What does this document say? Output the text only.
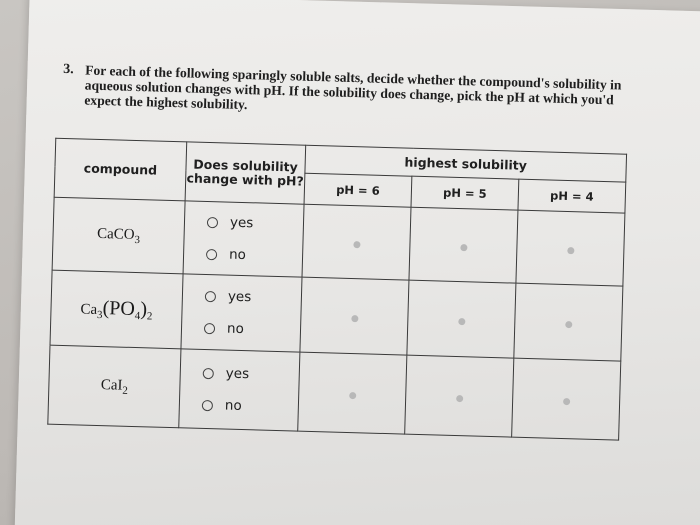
3. For each of the following sparingly soluble salts, decide whether the compound's solubility in aqueous solution changes with pH. If the solubility does change, pick the pH at which you'd expect the highest solubility.
compound	Does solubility change with pH?	highest solubility		
		pH = 6	pH = 5	pH = 4
CaCO$_3$	yes
no			

$Ca_3(PO_4)_2$	yes
no			

CaI$_2$	yes
no			
